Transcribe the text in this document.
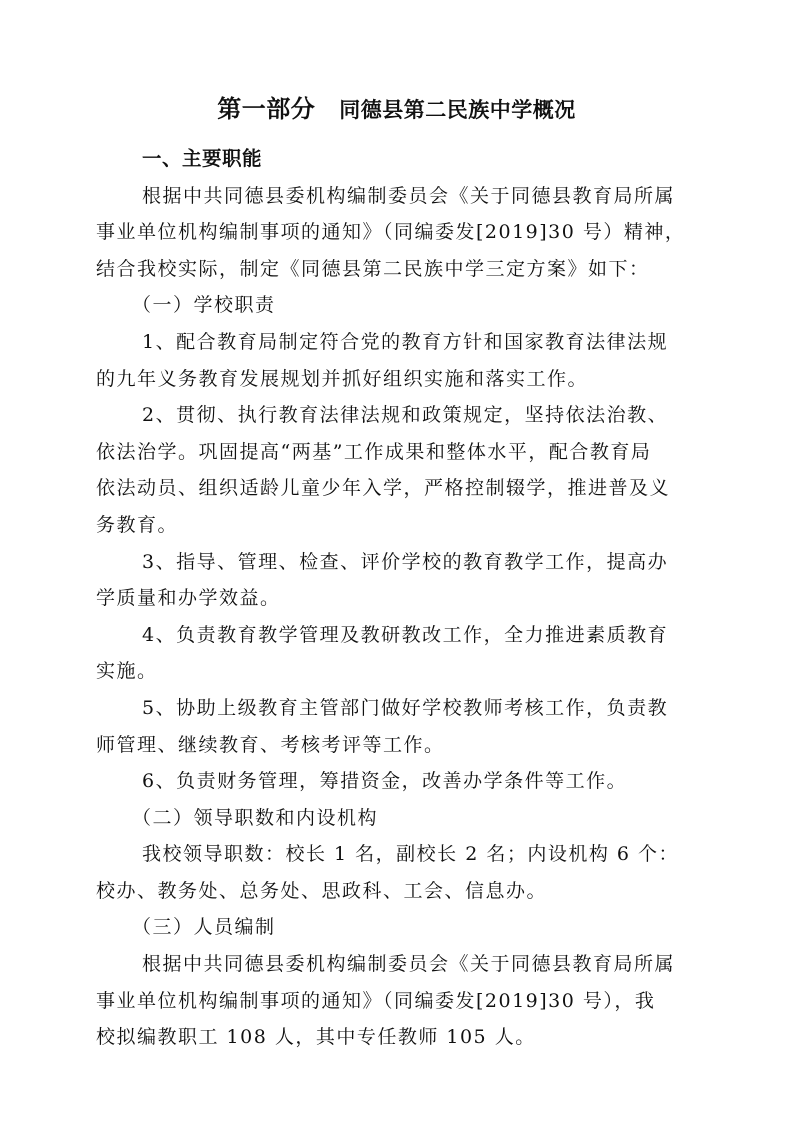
第一部分 同德县第二民族中学概况
一、主要职能

根据中共同德县委机构编制委员会《关于同德县教育局所属
事业单位机构编制事项的通知》（同编委发[2019]30 号）精神，
结合我校实际，制定《同德县第二民族中学三定方案》如下：

（一）学校职责

1、配合教育局制定符合党的教育方针和国家教育法律法规
的九年义务教育发展规划并抓好组织实施和落实工作。

2、贯彻、执行教育法律法规和政策规定，坚持依法治教、
依法治学。巩固提高“两基”工作成果和整体水平，配合教育局
依法动员、组织适龄儿童少年入学，严格控制辍学，推进普及义
务教育。

3、指导、管理、检查、评价学校的教育教学工作，提高办
学质量和办学效益。

4、负责教育教学管理及教研教改工作，全力推进素质教育
实施。

5、协助上级教育主管部门做好学校教师考核工作，负责教
师管理、继续教育、考核考评等工作。

6、负责财务管理，筹措资金，改善办学条件等工作。

（二）领导职数和内设机构

我校领导职数：校长 1 名，副校长 2 名；内设机构 6 个：
校办、教务处、总务处、思政科、工会、信息办。

（三）人员编制

根据中共同德县委机构编制委员会《关于同德县教育局所属
事业单位机构编制事项的通知》（同编委发[2019]30 号），我
校拟编教职工 108 人，其中专任教师 105 人。
